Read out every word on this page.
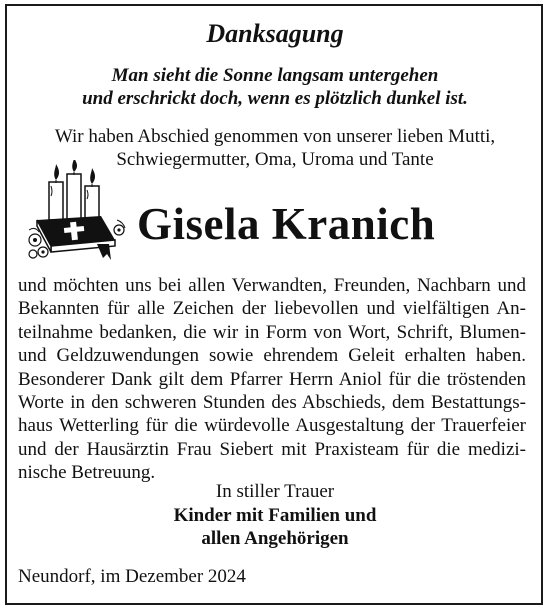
Danksagung
Man sieht die Sonne langsam untergehen
und erschrickt doch, wenn es plötzlich dunkel ist.
Wir haben Abschied genommen von unserer lieben Mutti,
Schwiegermutter, Oma, Uroma und Tante
Gisela Kranich
und möchten uns bei allen Verwandten, Freunden, Nachbarn und
Bekannten für alle Zeichen der liebevollen und vielfältigen An-
teilnahme bedanken, die wir in Form von Wort, Schrift, Blumen-
und Geldzuwendungen sowie ehrendem Geleit erhalten haben.
Besonderer Dank gilt dem Pfarrer Herrn Aniol für die tröstenden
Worte in den schweren Stunden des Abschieds, dem Bestattungs-
haus Wetterling für die würdevolle Ausgestaltung der Trauerfeier
und der Hausärztin Frau Siebert mit Praxisteam für die medizi-
nische Betreuung.
In stiller Trauer
Kinder mit Familien und
allen Angehörigen
Neundorf, im Dezember 2024
